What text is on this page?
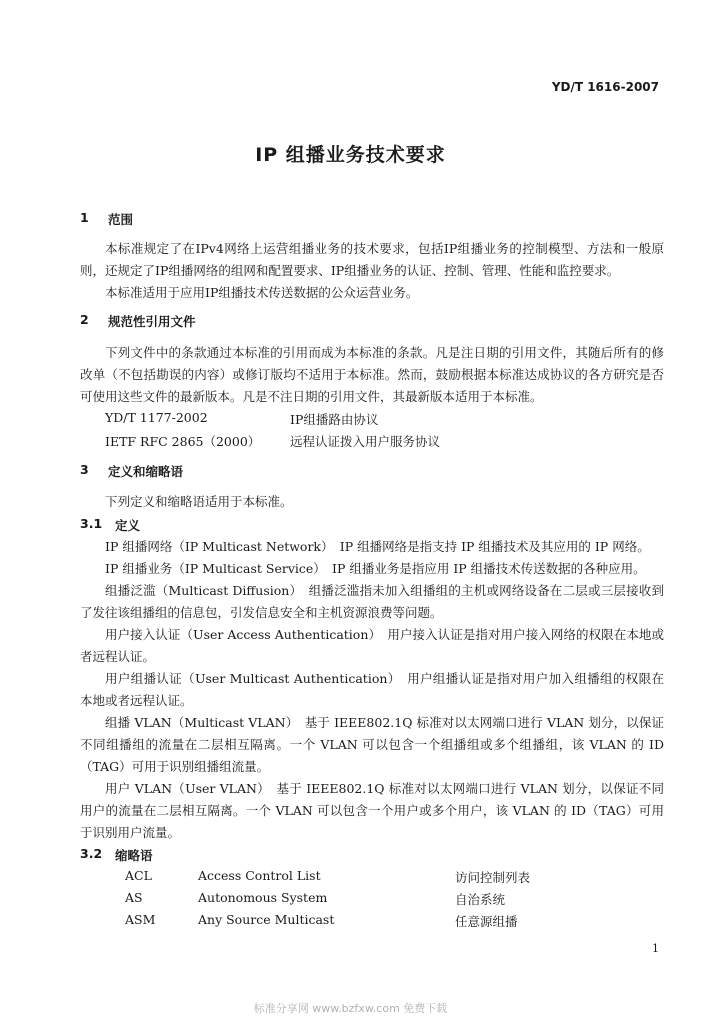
YD/T 1616-2007
IP 组播业务技术要求
1 范围
本标准规定了在IPv4网络上运营组播业务的技术要求，包括IP组播业务的控制模型、方法和一般原则，还规定了IP组播网络的组网和配置要求、IP组播业务的认证、控制、管理、性能和监控要求。
本标准适用于应用IP组播技术传送数据的公众运营业务。
2 规范性引用文件
下列文件中的条款通过本标准的引用而成为本标准的条款。凡是注日期的引用文件，其随后所有的修改单（不包括勘误的内容）或修订版均不适用于本标准。然而，鼓励根据本标准达成协议的各方研究是否可使用这些文件的最新版本。凡是不注日期的引用文件，其最新版本适用于本标准。
YD/T 1177-2002	IP组播路由协议
IETF RFC 2865（2000） 远程认证拨入用户服务协议
3 定义和缩略语
下列定义和缩略语适用于本标准。
3.1 定义
IP 组播网络（IP Multicast Network）　 IP 组播网络是指支持 IP 组播技术及其应用的 IP 网络。
IP 组播业务（IP Multicast Service）　 IP 组播业务是指应用 IP 组播技术传送数据的各种应用。
组播泛滥（Multicast Diffusion）　 组播泛滥指未加入组播组的主机或网络设备在二层或三层接收到了发往该组播组的信息包，引发信息安全和主机资源浪费等问题。
用户接入认证（User Access Authentication）　 用户接入认证是指对用户接入网络的权限在本地或者远程认证。
用户组播认证（User Multicast Authentication）　 用户组播认证是指对用户加入组播组的权限在本地或者远程认证。
组播 VLAN（Multicast VLAN）　 基于 IEEE802.1Q 标准对以太网端口进行 VLAN 划分，以保证不同组播组的流量在二层相互隔离。一个 VLAN 可以包含一个组播组或多个组播组，该 VLAN 的 ID（TAG）可用于识别组播组流量。
用户 VLAN（User VLAN）　 基于 IEEE802.1Q 标准对以太网端口进行 VLAN 划分，以保证不同用户的流量在二层相互隔离。一个 VLAN 可以包含一个用户或多个用户，该 VLAN 的 ID（TAG）可用于识别用户流量。
3.2 缩略语
ACL	Access Control List	访问控制列表
AS	Autonomous System	自治系统
ASM	Any Source Multicast	任意源组播
1
标准分享网 www.bzfxw.com 免费下载
